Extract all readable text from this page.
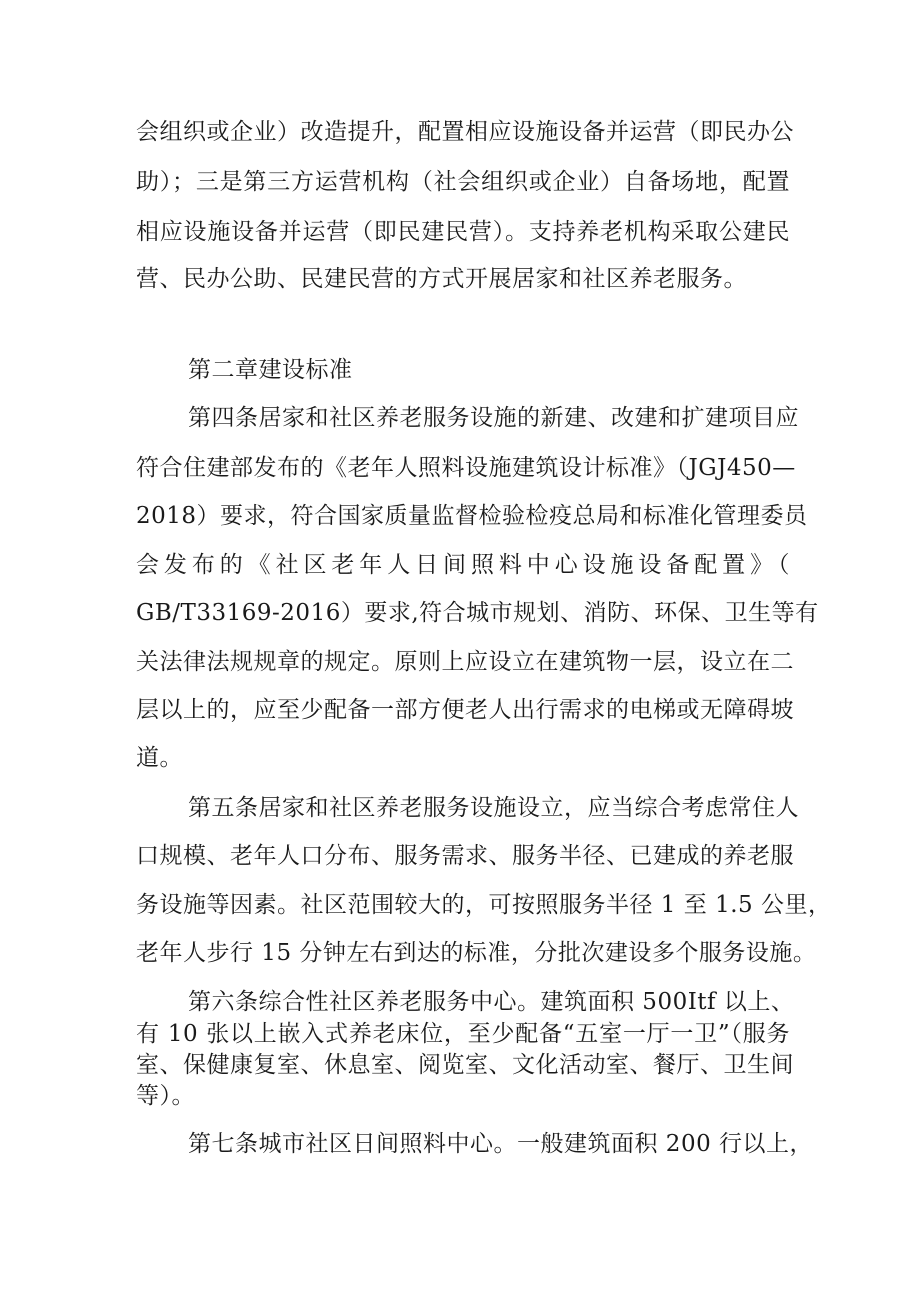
会组织或企业）改造提升，配置相应设施设备并运营（即民办公
助）；三是第三方运营机构（社会组织或企业）自备场地，配置
相应设施设备并运营（即民建民营）。支持养老机构采取公建民
营、民办公助、民建民营的方式开展居家和社区养老服务。
第二章建设标准
第四条居家和社区养老服务设施的新建、改建和扩建项目应
符合住建部发布的《老年人照料设施建筑设计标准》（JGJ450—
2018）要求，符合国家质量监督检验检疫总局和标准化管理委员
会发布的《社区老年人日间照料中心设施设备配置》（
GB/T33169-2016）要求,符合城市规划、消防、环保、卫生等有
关法律法规规章的规定。原则上应设立在建筑物一层，设立在二
层以上的，应至少配备一部方便老人出行需求的电梯或无障碍坡
道。
第五条居家和社区养老服务设施设立，应当综合考虑常住人
口规模、老年人口分布、服务需求、服务半径、已建成的养老服
务设施等因素。社区范围较大的，可按照服务半径 1 至 1.5 公里，
老年人步行 15 分钟左右到达的标准，分批次建设多个服务设施。
第六条综合性社区养老服务中心。建筑面积 500Itf 以上、
有 10 张以上嵌入式养老床位，至少配备“五室一厅一卫”（服务
室、保健康复室、休息室、阅览室、文化活动室、餐厅、卫生间
等）。
第七条城市社区日间照料中心。一般建筑面积 200 行以上，
